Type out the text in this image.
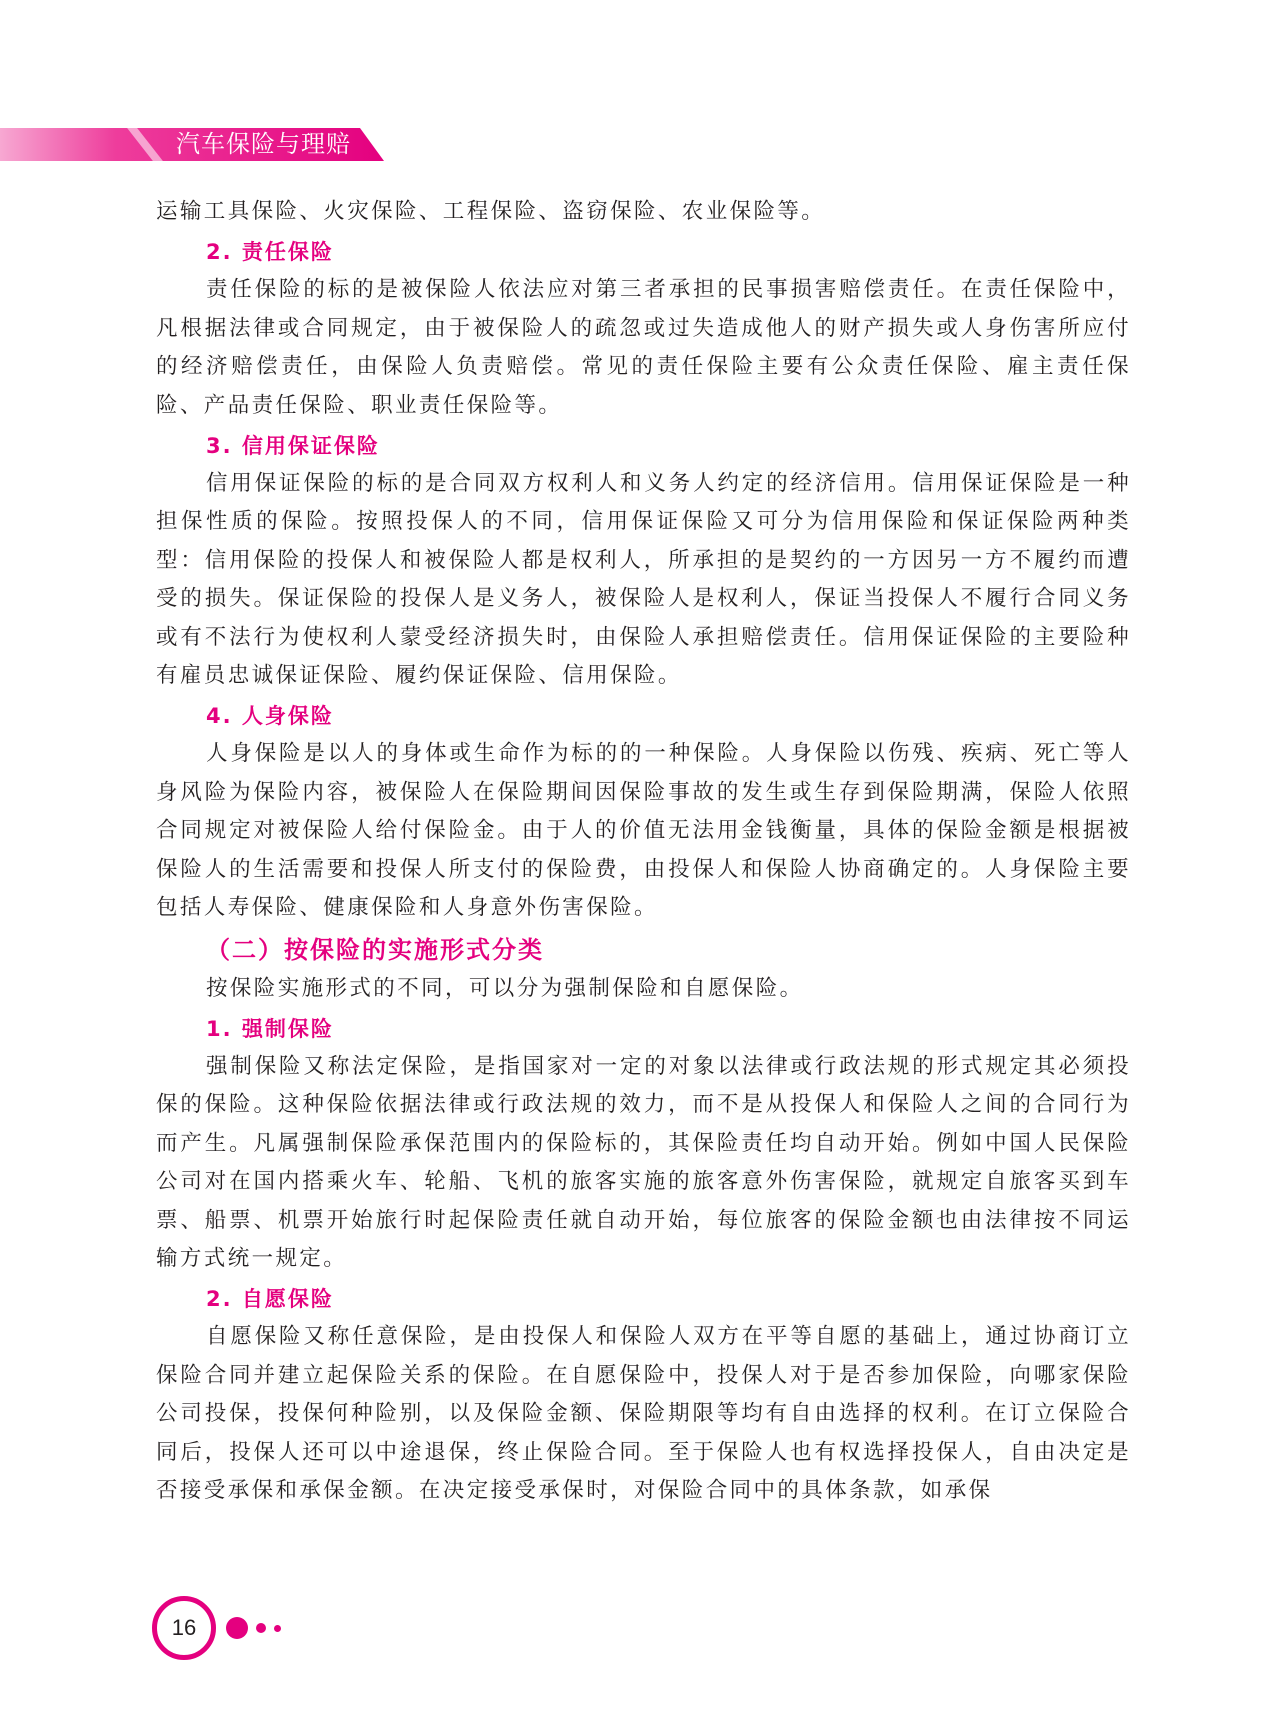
汽车保险与理赔

运输工具保险、火灾保险、工程保险、盗窃保险、农业保险等。

2. 责任保险

责任保险的标的是被保险人依法应对第三者承担的民事损害赔偿责任。在责任保险中，凡根据法律或合同规定，由于被保险人的疏忽或过失造成他人的财产损失或人身伤害所应付的经济赔偿责任，由保险人负责赔偿。常见的责任保险主要有公众责任保险、雇主责任保险、产品责任保险、职业责任保险等。

3. 信用保证保险

信用保证保险的标的是合同双方权利人和义务人约定的经济信用。信用保证保险是一种担保性质的保险。按照投保人的不同，信用保证保险又可分为信用保险和保证保险两种类型：信用保险的投保人和被保险人都是权利人，所承担的是契约的一方因另一方不履约而遭受的损失。保证保险的投保人是义务人，被保险人是权利人，保证当投保人不履行合同义务或有不法行为使权利人蒙受经济损失时，由保险人承担赔偿责任。信用保证保险的主要险种有雇员忠诚保证保险、履约保证保险、信用保险。

4. 人身保险

人身保险是以人的身体或生命作为标的的一种保险。人身保险以伤残、疾病、死亡等人身风险为保险内容，被保险人在保险期间因保险事故的发生或生存到保险期满，保险人依照合同规定对被保险人给付保险金。由于人的价值无法用金钱衡量，具体的保险金额是根据被保险人的生活需要和投保人所支付的保险费，由投保人和保险人协商确定的。人身保险主要包括人寿保险、健康保险和人身意外伤害保险。

（二）按保险的实施形式分类

按保险实施形式的不同，可以分为强制保险和自愿保险。

1. 强制保险

强制保险又称法定保险，是指国家对一定的对象以法律或行政法规的形式规定其必须投保的保险。这种保险依据法律或行政法规的效力，而不是从投保人和保险人之间的合同行为而产生。凡属强制保险承保范围内的保险标的，其保险责任均自动开始。例如中国人民保险公司对在国内搭乘火车、轮船、飞机的旅客实施的旅客意外伤害保险，就规定自旅客买到车票、船票、机票开始旅行时起保险责任就自动开始，每位旅客的保险金额也由法律按不同运输方式统一规定。

2. 自愿保险

自愿保险又称任意保险，是由投保人和保险人双方在平等自愿的基础上，通过协商订立保险合同并建立起保险关系的保险。在自愿保险中，投保人对于是否参加保险，向哪家保险公司投保，投保何种险别，以及保险金额、保险期限等均有自由选择的权利。在订立保险合同后，投保人还可以中途退保，终止保险合同。至于保险人也有权选择投保人，自由决定是否接受承保和承保金额。在决定接受承保时，对保险合同中的具体条款，如承保

16
